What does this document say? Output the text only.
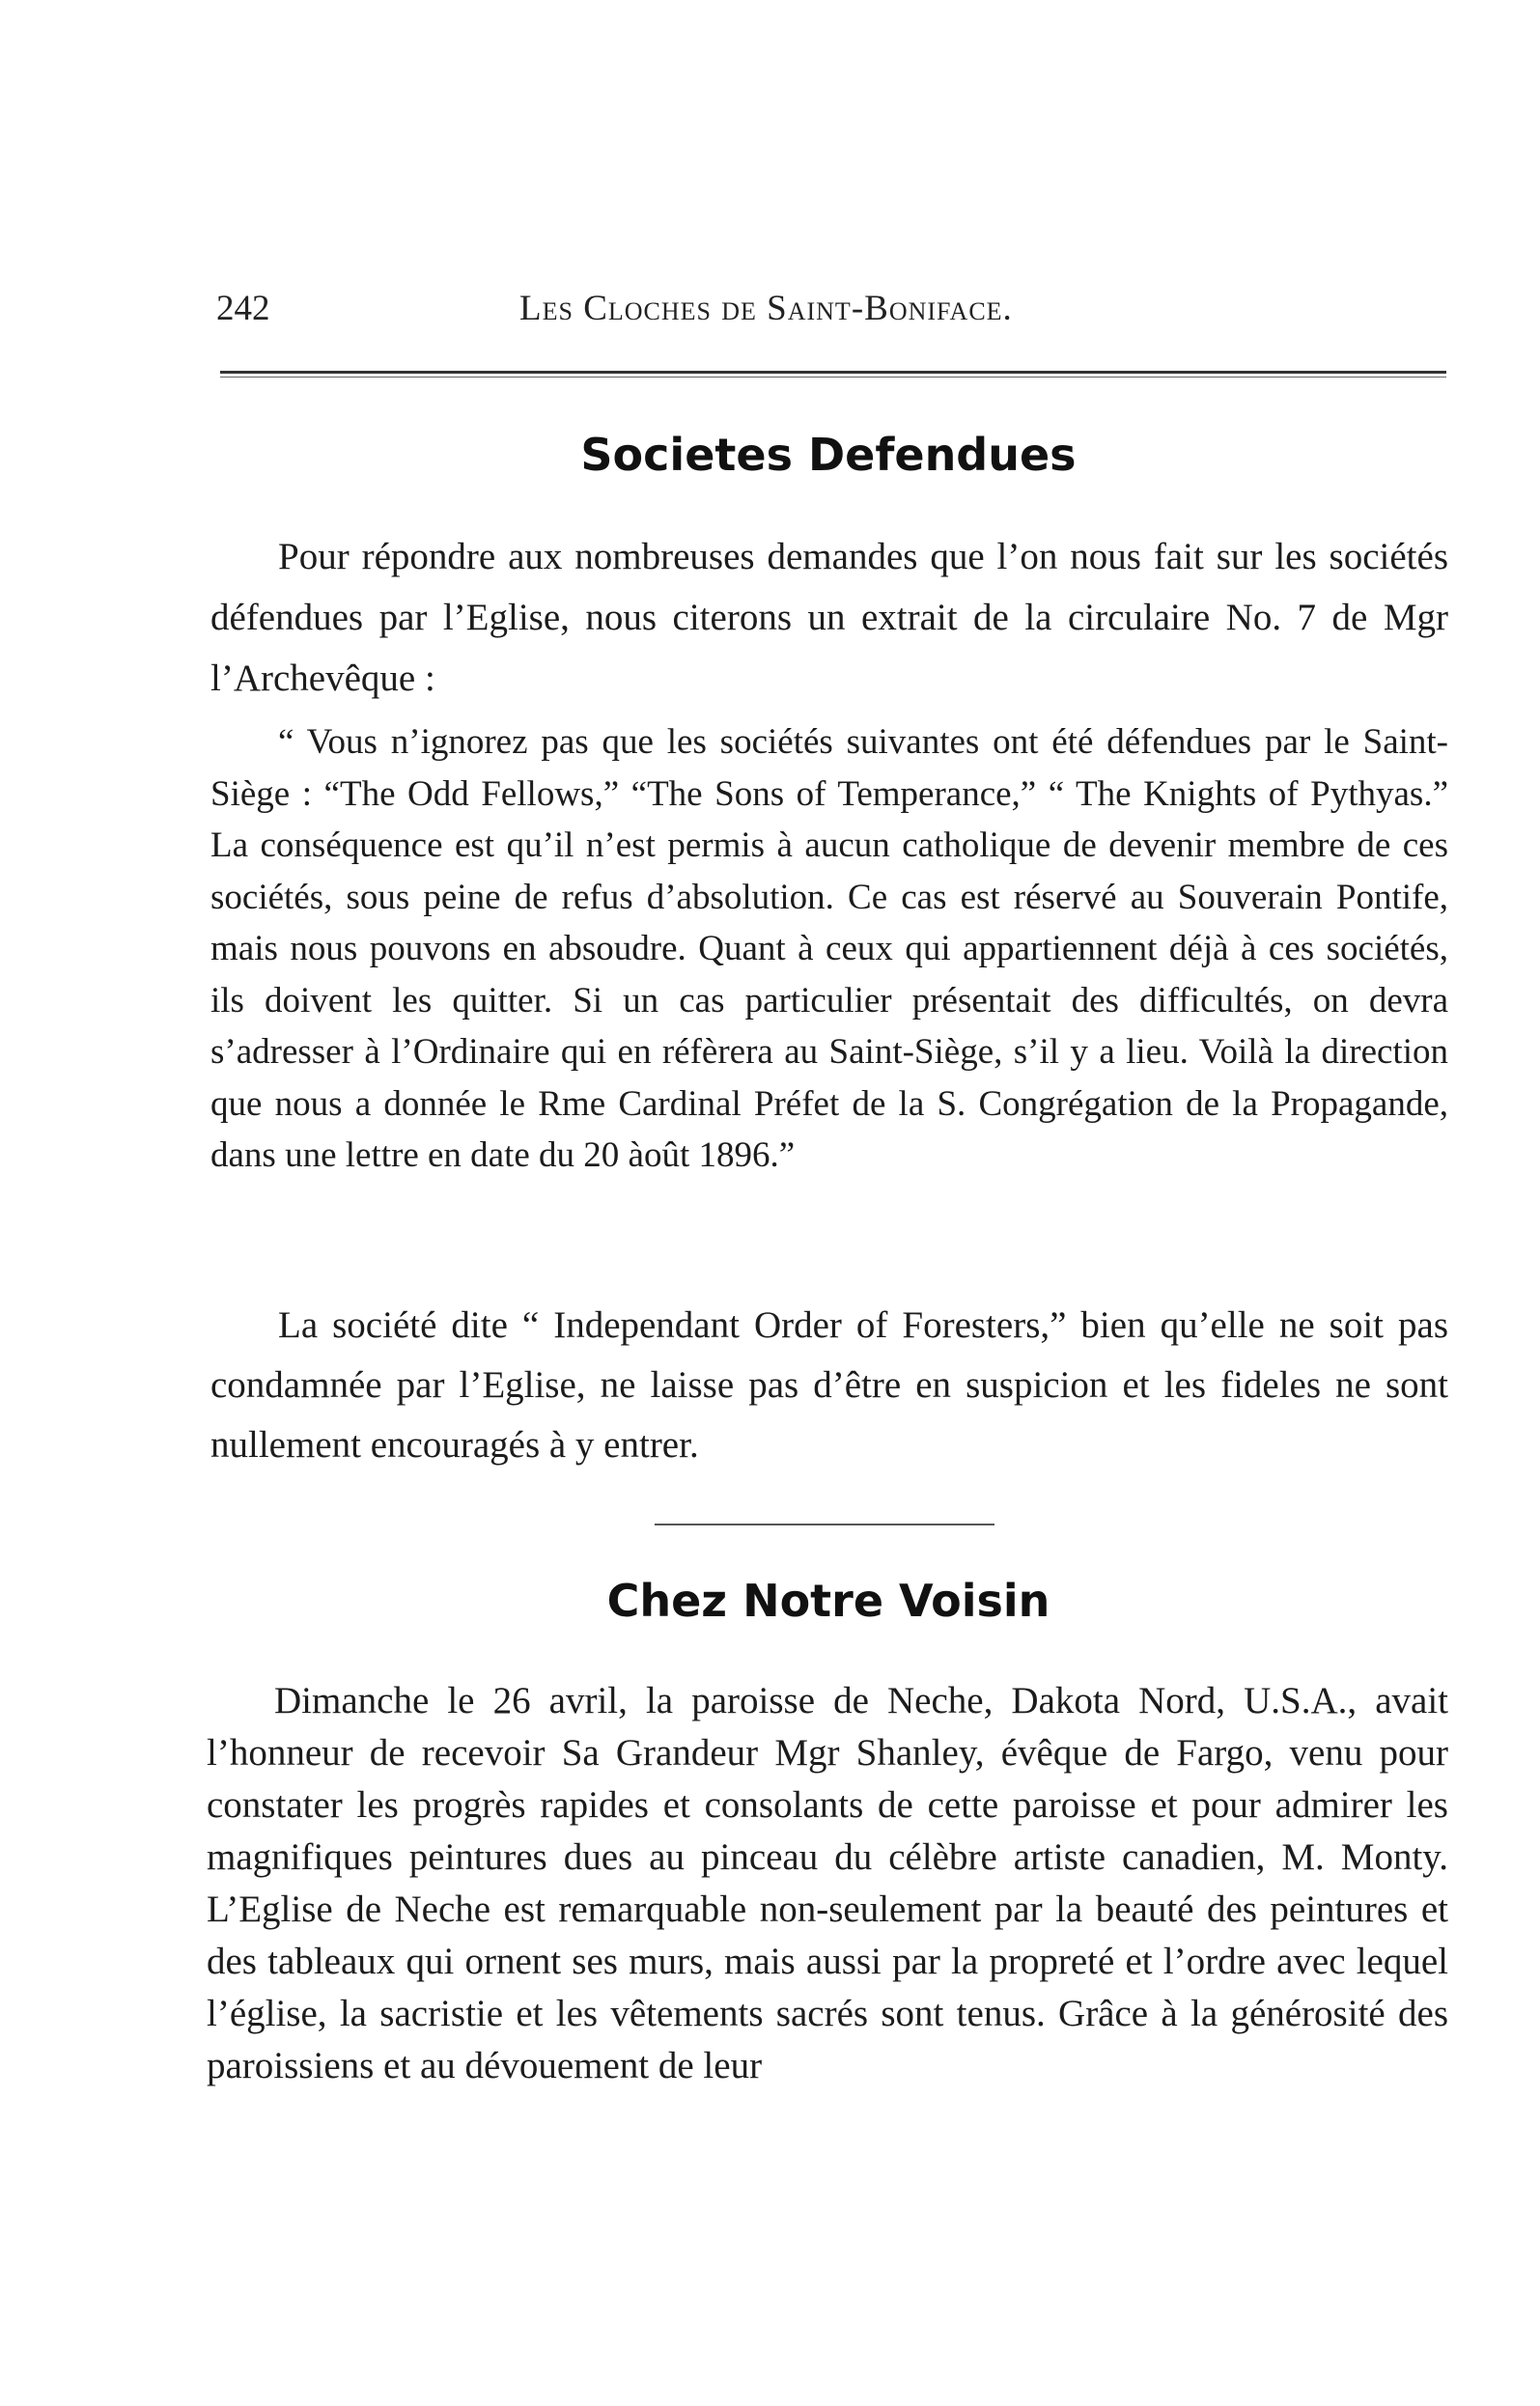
242	Les Cloches de Saint-Boniface.
Societes Defendues

Pour répondre aux nombreuses demandes que l’on nous fait sur les sociétés défendues par l’Eglise, nous citerons un extrait de la circulaire No. 7 de Mgr l’Archevêque :

“ Vous n’ignorez pas que les sociétés suivantes ont été défendues par le Saint-Siège : “The Odd Fellows,” “The Sons of Temperance,” “ The Knights of Pythyas.” La conséquence est qu’il n’est permis à aucun catholique de devenir membre de ces sociétés, sous peine de refus d’absolution. Ce cas est réservé au Souverain Pontife, mais nous pouvons en absoudre. Quant à ceux qui appartiennent déjà à ces sociétés, ils doivent les quitter. Si un cas particulier présentait des difficultés, on devra s’adresser à l’Ordinaire qui en réfèrera au Saint-Siège, s’il y a lieu. Voilà la direction que nous a donnée le Rme Cardinal Préfet de la S. Congrégation de la Propagande, dans une lettre en date du 20 àoût 1896.”

La société dite “ Independant Order of Foresters,” bien qu’elle ne soit pas condamnée par l’Eglise, ne laisse pas d’être en suspicion et les fideles ne sont nullement encouragés à y entrer.

Chez Notre Voisin

Dimanche le 26 avril, la paroisse de Neche, Dakota Nord, U.S.A., avait l’honneur de recevoir Sa Grandeur Mgr Shanley, évêque de Fargo, venu pour constater les progrès rapides et consolants de cette paroisse et pour admirer les magnifiques peintures dues au pinceau du célèbre artiste canadien, M. Monty. L’Eglise de Neche est remarquable non-seulement par la beauté des peintures et des tableaux qui ornent ses murs, mais aussi par la propreté et l’ordre avec lequel l’église, la sacristie et les vêtements sacrés sont tenus. Grâce à la générosité des paroissiens et au dévouement de leur
